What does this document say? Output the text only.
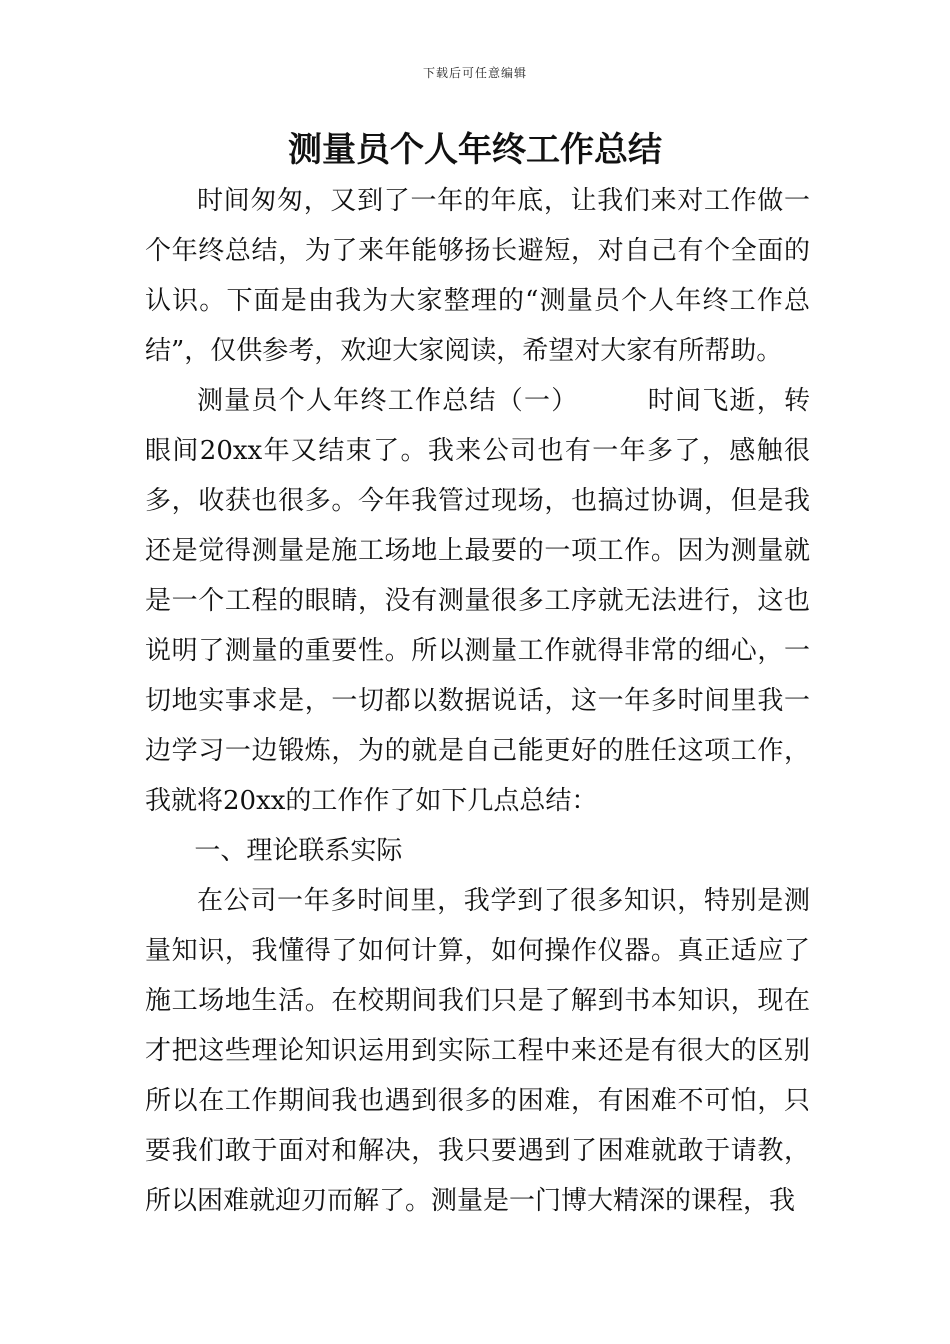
下载后可任意编辑
测量员个人年终工作总结

时间匆匆，又到了一年的年底，让我们来对工作做一个年终总结，为了来年能够扬长避短，对自己有个全面的认识。下面是由我为大家整理的“测量员个人年终工作总结”，仅供参考，欢迎大家阅读，希望对大家有所帮助。

测量员个人年终工作总结（一）	时间飞逝，转眼间20xx年又结束了。我来公司也有一年多了，感触很多，收获也很多。今年我管过现场，也搞过协调，但是我还是觉得测量是施工场地上最要的一项工作。因为测量就是一个工程的眼睛，没有测量很多工序就无法进行，这也说明了测量的重要性。所以测量工作就得非常的细心，一切地实事求是，一切都以数据说话，这一年多时间里我一边学习一边锻炼，为的就是自己能更好的胜任这项工作，我就将20xx的工作作了如下几点总结：

一、理论联系实际

在公司一年多时间里，我学到了很多知识，特别是测量知识，我懂得了如何计算，如何操作仪器。真正适应了施工场地生活。在校期间我们只是了解到书本知识，现在才把这些理论知识运用到实际工程中来还是有很大的区别所以在工作期间我也遇到很多的困难，有困难不可怕，只要我们敢于面对和解决，我只要遇到了困难就敢于请教，所以困难就迎刃而解了。测量是一门博大精深的课程，我
